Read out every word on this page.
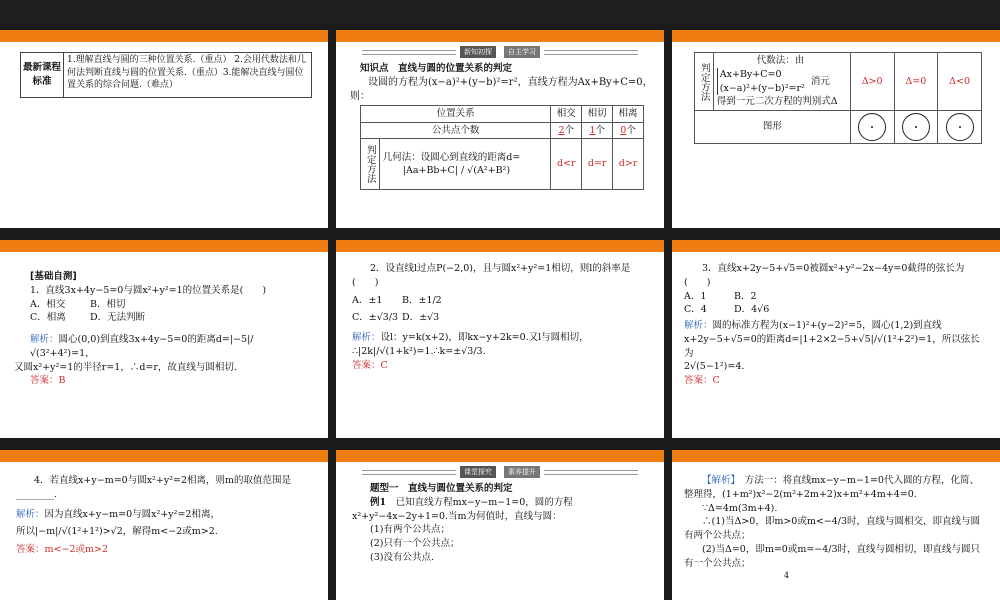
最新课程标准
1.理解直线与圆的三种位置关系.（重点） 2.会用代数法和几何法判断直线与圆的位置关系.（重点）3.能解决直线与圆位置关系的综合问题.（难点）
新知初探	自主学习

知识点　直线与圆的位置关系的判定

设圆的方程为(x−a)²+(y−b)²=r²，直线方程为Ax+By+C=0，则：

位置关系		相交	相切	相离
公共点个数		2个	1个	0个
判定方法	几何法：设圆心到直线的距离d=
|Aa+Bb+C| / √(A²+B²)	d<r	d=r	d>r
判定方法	代数法：由
Ax+By+C=0
(x−a)²+(y−b)²=r²
消元
得到一元二次方程的判别式Δ	Δ>0	Δ=0	Δ<0
图形		

[基础自测]

1．直线3x+4y−5=0与圆x²+y²=1的位置关系是(　　)

A．相交	B．相切

C．相离	D．无法判断

解析：圆心(0,0)到直线3x+4y−5=0的距离d=|−5|/√(3²+4²)=1，

又圆x²+y²=1的半径r=1，∴d=r，故直线与圆相切.

答案：B

2．设直线l过点P(−2,0)，且与圆x²+y²=1相切，则l的斜率是(　　)

A．±1 B．±1/2

C．±√3/3 D．±√3

解析：设l：y=k(x+2)，即kx−y+2k=0.又l与圆相切，

∴|2k|/√(1+k²)=1.∴k=±√3/3.

答案：C

3．直线x+2y−5+√5=0被圆x²+y²−2x−4y=0截得的弦长为(　　)

A．1	B．2

C．4	D．4√6

解析：圆的标准方程为(x−1)²+(y−2)²=5，圆心(1,2)到直线x+2y−5+√5=0的距离d=|1+2×2−5+√5|/√(1²+2²)=1，所以弦长为

2√(5−1²)=4.

答案：C

4．若直线x+y−m=0与圆x²+y²=2相离，则m的取值范围是________.

解析：因为直线x+y−m=0与圆x²+y²=2相离，

所以|−m|/√(1²+1²)>√2，解得m<−2或m>2.

答案：m<−2或m>2

课堂探究	素养提升

题型一　直线与圆位置关系的判定

例1　 已知直线方程mx−y−m−1=0，圆的方程x²+y²−4x−2y+1=0.当m为何值时，直线与圆：

(1)有两个公共点；

(2)只有一个公共点；

(3)没有公共点.

【解析】　 方法一：将直线mx−y−m−1=0代入圆的方程，化简、整理得，(1+m²)x²−2(m²+2m+2)x+m²+4m+4=0.

∵Δ=4m(3m+4).

∴(1)当Δ>0，即m>0或m<−4/3时，直线与圆相交，即直线与圆有两个公共点；

(2)当Δ=0，即m=0或m=−4/3时，直线与圆相切，即直线与圆只有一个公共点；

4
